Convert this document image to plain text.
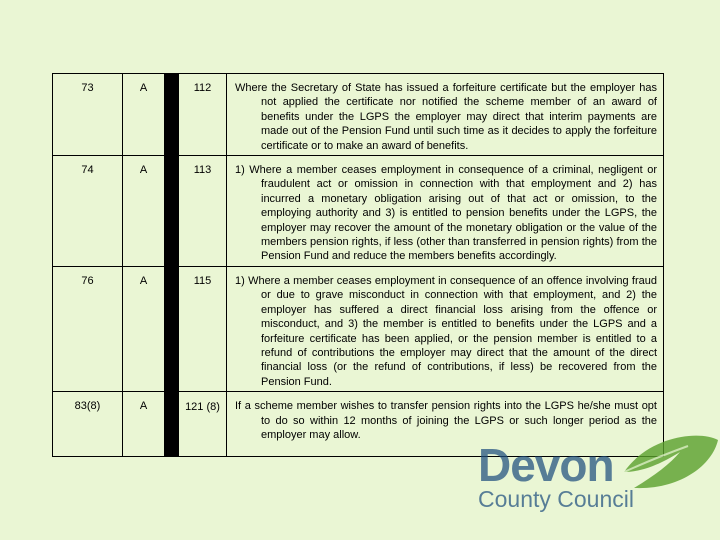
73	A		112	Where the Secretary of State has issued a forfeiture certificate but the employer has not applied the certificate nor notified the scheme member of an award of benefits under the LGPS the employer may direct that interim payments are made out of the Pension Fund until such time as it decides to apply the forfeiture certificate or to make an award of benefits.

74	A		113	1) Where a member ceases employment in consequence of a criminal, negligent or fraudulent act or omission in connection with that employment and 2) has incurred a monetary obligation arising out of that act or omission, to the employing authority and 3) is entitled to pension benefits under the LGPS, the employer may recover the amount of the monetary obligation or the value of the members pension rights, if less (other than transferred in pension rights) from the Pension Fund and reduce the members benefits accordingly.

76	A		115	1) Where a member ceases employment in consequence of an offence involving fraud or due to grave misconduct in connection with that employment, and 2) the employer has suffered a direct financial loss arising from the offence or misconduct, and 3) the member is entitled to benefits under the LGPS and a forfeiture certificate has been applied, or the pension member is entitled to a refund of contributions the employer may direct that the amount of the direct financial loss (or the refund of contributions, if less) be recovered from the Pension Fund.

83(8)	A		121 (8)	If a scheme member wishes to transfer pension rights into the LGPS he/she must opt to do so within 12 months of joining the LGPS or such longer period as the employer may allow.
Devon
County Council
